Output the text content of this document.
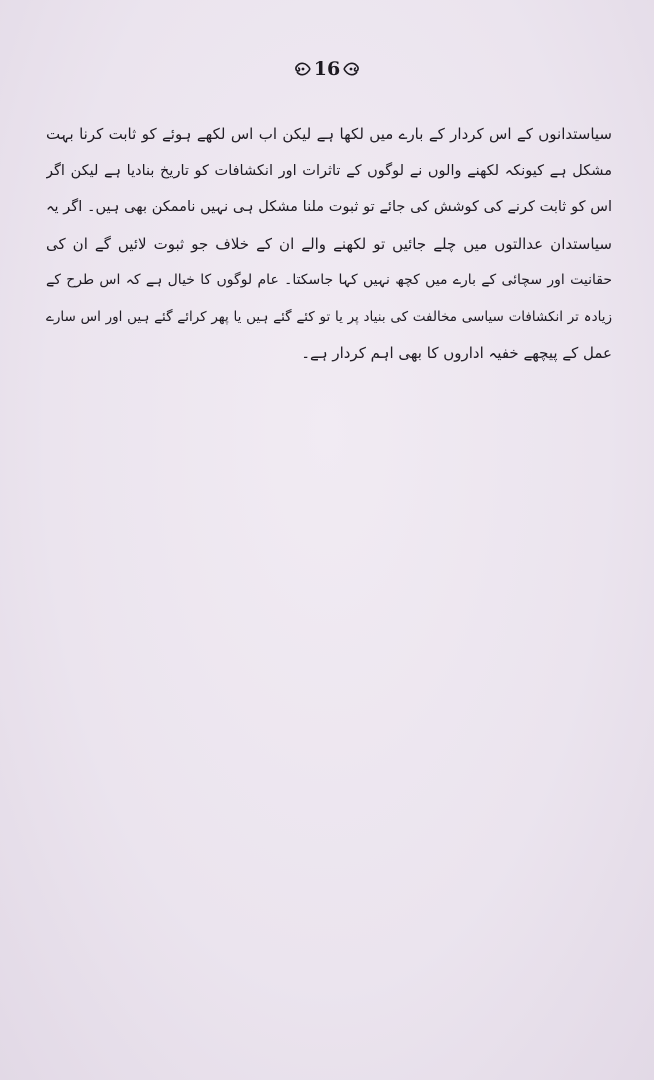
16
سیاستدانوں کے اس کردار کے بارے میں لکھا ہے لیکن اب اس لکھے ہوئے کو ثابت کرنا بہت
مشکل ہے کیونکہ لکھنے والوں نے لوگوں کے تاثرات اور انکشافات کو تاریخ بنادیا ہے لیکن اگر
اس کو ثابت کرنے کی کوشش کی جائے تو ثبوت ملنا مشکل ہی نہیں ناممکن بھی ہیں۔ اگر یہ
سیاستدان عدالتوں میں چلے جائیں تو لکھنے والے ان کے خلاف جو ثبوت لائیں گے ان کی
حقانیت اور سچائی کے بارے میں کچھ نہیں کہا جاسکتا۔ عام لوگوں کا خیال ہے کہ اس طرح کے
زیادہ تر انکشافات سیاسی مخالفت کی بنیاد پر یا تو کئے گئے ہیں یا پھر کرائے گئے ہیں اور اس سارے
عمل کے پیچھے خفیہ اداروں کا بھی اہم کردار ہے۔
